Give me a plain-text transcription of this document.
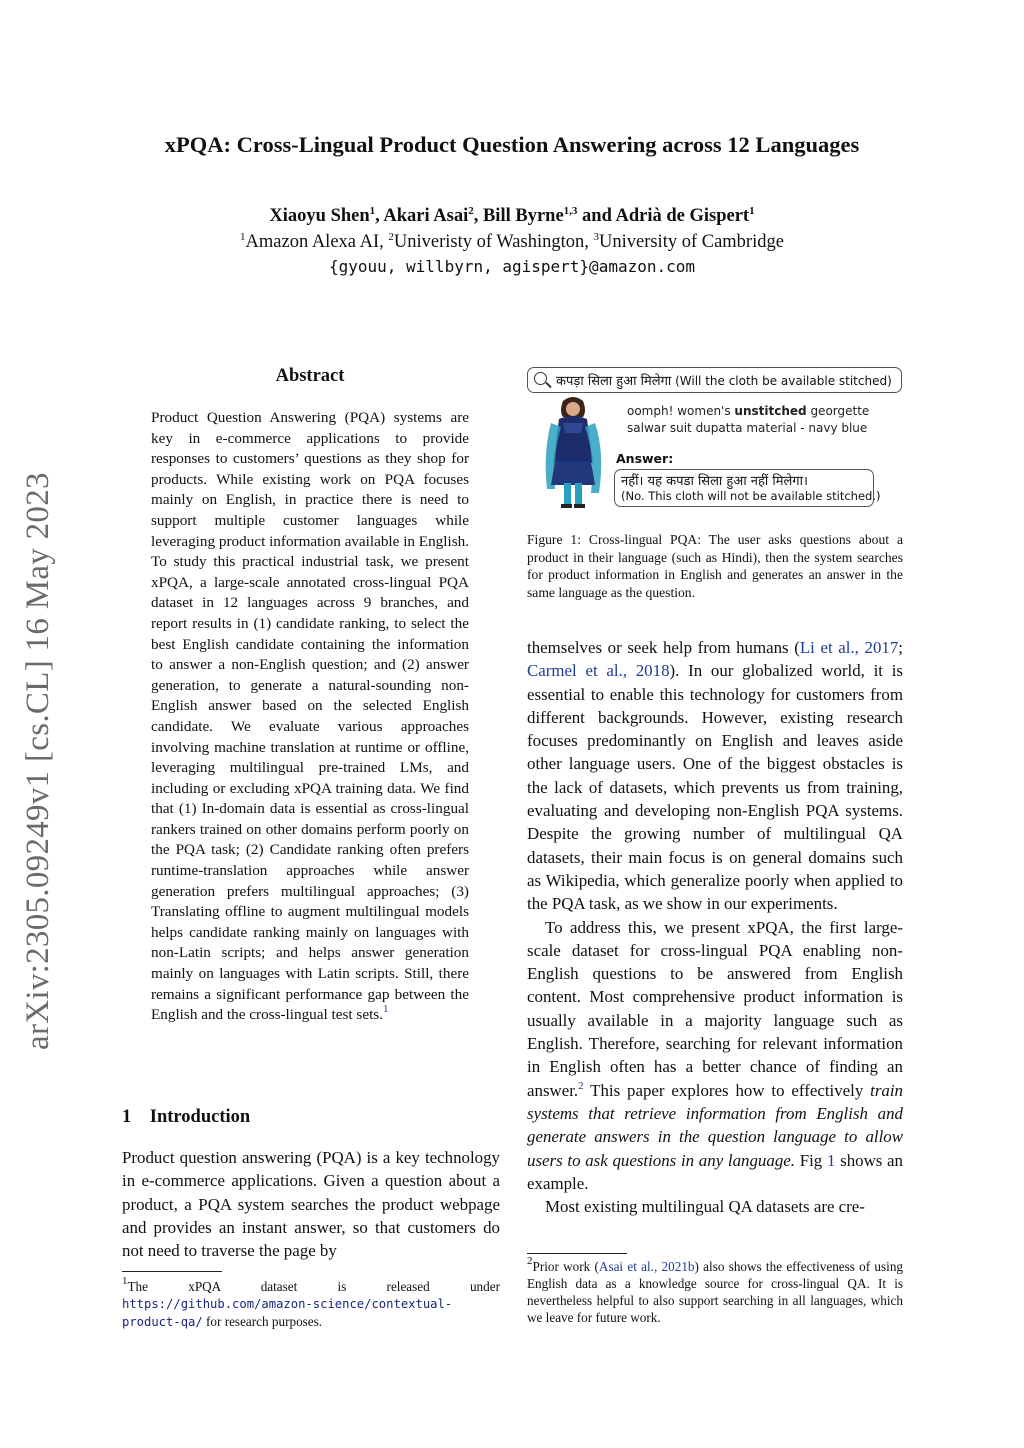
xPQA: Cross-Lingual Product Question Answering across 12 Languages
Xiaoyu Shen$^1$, Akari Asai$^2$, Bill Byrne$^{1,3}$ and Adrià de Gispert$^1$
$^1$Amazon Alexa AI, $^2$Univeristy of Washington, $^3$University of Cambridge
{gyouu, willbyrn, agispert}@amazon.com
arXiv:2305.09249v1 [cs.CL] 16 May 2023
Abstract
Product Question Answering (PQA) systems are key in e-commerce applications to provide responses to customers’ questions as they shop for products. While existing work on PQA focuses mainly on English, in practice there is need to support multiple customer languages while leveraging product information available in English. To study this practical industrial task, we present xPQA, a large-scale annotated cross-lingual PQA dataset in 12 languages across 9 branches, and report results in (1) candidate ranking, to select the best English candidate containing the information to answer a non-English question; and (2) answer generation, to generate a natural-sounding non-English answer based on the selected English candidate. We evaluate various approaches involving machine translation at runtime or offline, leveraging multilingual pre-trained LMs, and including or excluding xPQA training data. We find that (1) In-domain data is essential as cross-lingual rankers trained on other domains perform poorly on the PQA task; (2) Candidate ranking often prefers runtime-translation approaches while answer generation prefers multilingual approaches; (3) Translating offline to augment multilingual models helps candidate ranking mainly on languages with non-Latin scripts; and helps answer generation mainly on languages with Latin scripts. Still, there remains a significant performance gap between the English and the cross-lingual test sets.$^1$
1 Introduction
Product question answering (PQA) is a key technology in e-commerce applications. Given a question about a product, a PQA system searches the product webpage and provides an instant answer, so that customers do not need to traverse the page by
$^1$The xPQA dataset is released under https://github.com/amazon-science/contextual-product-qa/ for research purposes.
कपड़ा सिला हुआ मिलेगा (Will the cloth be available stitched)
oomph! women's unstitched georgette
salwar suit dupatta material - navy blue
Answer:
नहीं। यह कपडा सिला हुआ नहीं मिलेगा।
(No. This cloth will not be available stitched.)
Figure 1: Cross-lingual PQA: The user asks questions about a product in their language (such as Hindi), then the system searches for product information in English and generates an answer in the same language as the question.

themselves or seek help from humans (Li et al., 2017; Carmel et al., 2018). In our globalized world, it is essential to enable this technology for customers from different backgrounds. However, existing research focuses predominantly on English and leaves aside other language users. One of the biggest obstacles is the lack of datasets, which prevents us from training, evaluating and developing non-English PQA systems. Despite the growing number of multilingual QA datasets, their main focus is on general domains such as Wikipedia, which generalize poorly when applied to the PQA task, as we show in our experiments.

To address this, we present xPQA, the first large-scale dataset for cross-lingual PQA enabling non-English questions to be answered from English content. Most comprehensive product information is usually available in a majority language such as English. Therefore, searching for relevant information in English often has a better chance of finding an answer.$^2$ This paper explores how to effectively train systems that retrieve information from English and generate answers in the question language to allow users to ask questions in any language. Fig 1 shows an example.

Most existing multilingual QA datasets are cre-

$^2$Prior work (Asai et al., 2021b) also shows the effectiveness of using English data as a knowledge source for cross-lingual QA. It is nevertheless helpful to also support searching in all languages, which we leave for future work.
